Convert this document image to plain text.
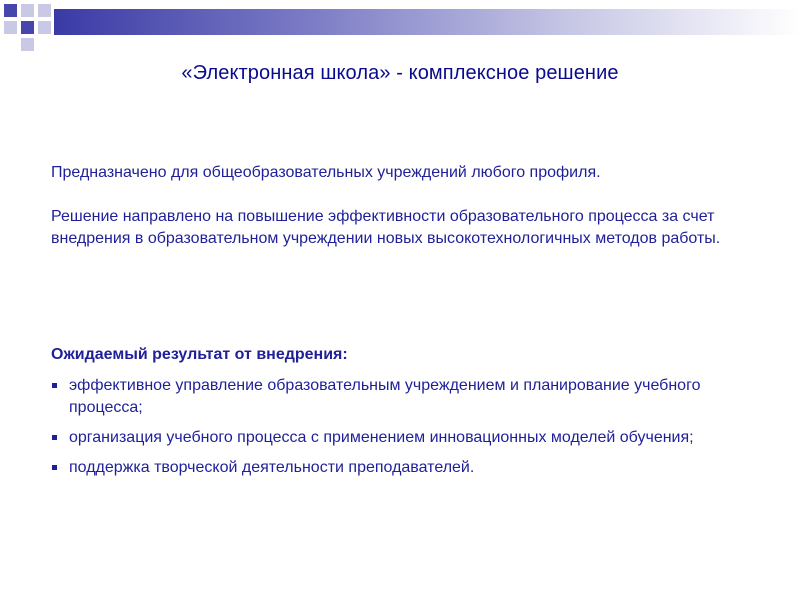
«Электронная школа» - комплексное решение
Предназначено для общеобразовательных учреждений любого профиля.
Решение направлено на повышение эффективности образовательного процесса за счет внедрения в образовательном учреждении новых высокотехнологичных методов работы.
Ожидаемый результат от внедрения:
эффективное управление образовательным учреждением и планирование учебного процесса;
организация учебного процесса с применением инновационных моделей обучения;
поддержка творческой деятельности преподавателей.
